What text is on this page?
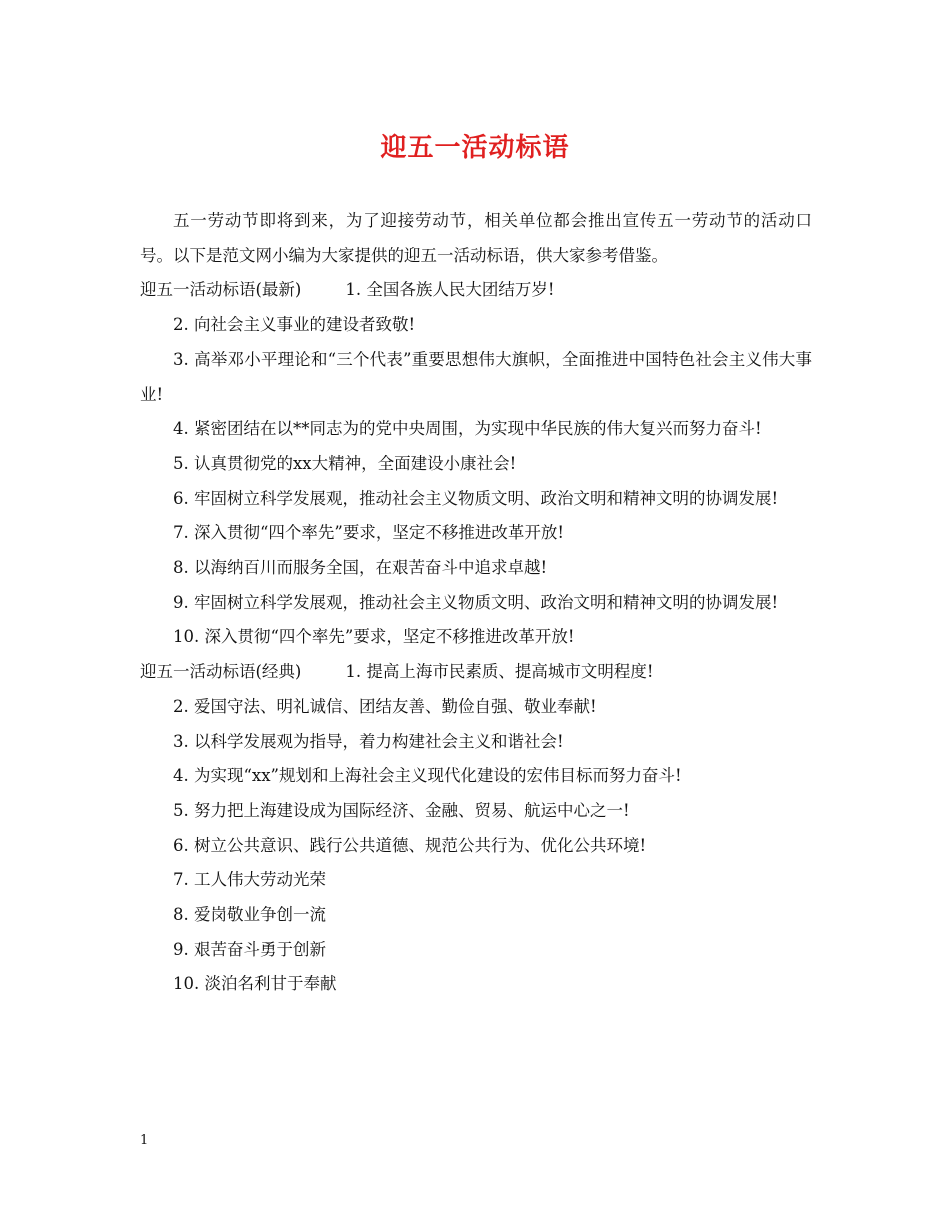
迎五一活动标语

五一劳动节即将到来，为了迎接劳动节，相关单位都会推出宣传五一劳动节的活动口号。以下是范文网小编为大家提供的迎五一活动标语，供大家参考借鉴。

迎五一活动标语(最新)	1. 全国各族人民大团结万岁!

2. 向社会主义事业的建设者致敬!

3. 高举邓小平理论和“三个代表”重要思想伟大旗帜，全面推进中国特色社会主义伟大事业!

4. 紧密团结在以**同志为的党中央周围，为实现中华民族的伟大复兴而努力奋斗!

5. 认真贯彻党的xx大精神，全面建设小康社会!

6. 牢固树立科学发展观，推动社会主义物质文明、政治文明和精神文明的协调发展!

7. 深入贯彻“四个率先”要求，坚定不移推进改革开放!

8. 以海纳百川而服务全国，在艰苦奋斗中追求卓越!

9. 牢固树立科学发展观，推动社会主义物质文明、政治文明和精神文明的协调发展!

10. 深入贯彻“四个率先”要求，坚定不移推进改革开放!

迎五一活动标语(经典)	1. 提高上海市民素质、提高城市文明程度!

2. 爱国守法、明礼诚信、团结友善、勤俭自强、敬业奉献!

3. 以科学发展观为指导，着力构建社会主义和谐社会!

4. 为实现“xx”规划和上海社会主义现代化建设的宏伟目标而努力奋斗!

5. 努力把上海建设成为国际经济、金融、贸易、航运中心之一!

6. 树立公共意识、践行公共道德、规范公共行为、优化公共环境!

7. 工人伟大劳动光荣

8. 爱岗敬业争创一流

9. 艰苦奋斗勇于创新

10. 淡泊名利甘于奉献

1
